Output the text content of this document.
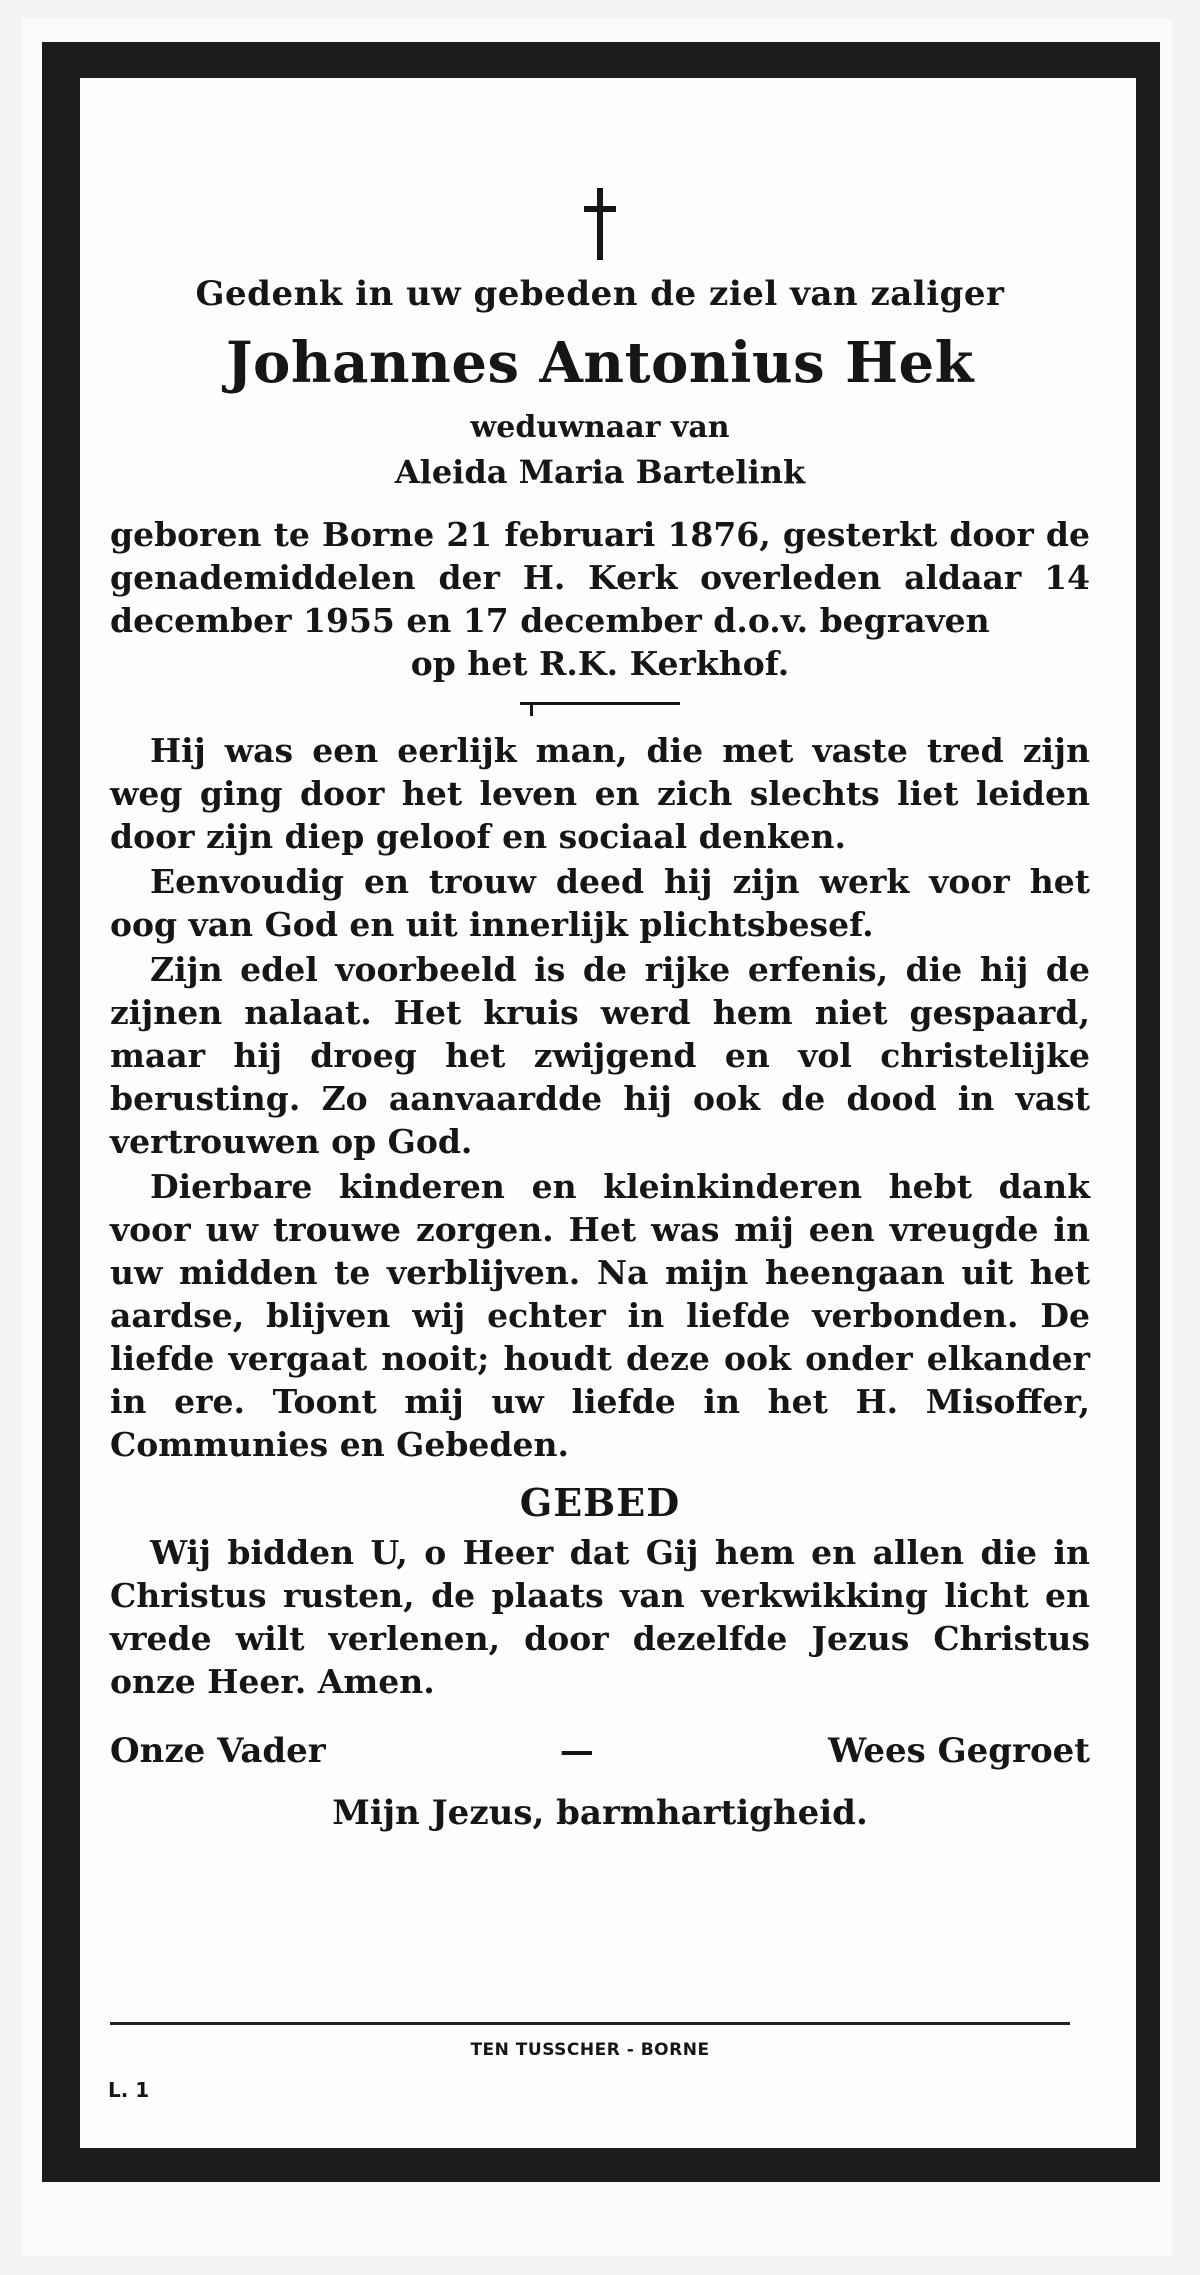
Gedenk in uw gebeden de ziel van zaliger
Johannes Antonius Hek
weduwnaar van
Aleida Maria Bartelink
geboren te Borne 21 februari 1876, gesterkt door de genademiddelen der H. Kerk overleden aldaar 14 december 1955 en 17 december d.o.v. begraven
op het R.K. Kerkhof.

Hij was een eerlijk man, die met vaste tred zijn weg ging door het leven en zich slechts liet leiden door zijn diep geloof en sociaal denken.

Eenvoudig en trouw deed hij zijn werk voor het oog van God en uit innerlijk plichtsbesef.

Zijn edel voorbeeld is de rijke erfenis, die hij de zijnen nalaat. Het kruis werd hem niet gespaard, maar hij droeg het zwijgend en vol christelijke berusting. Zo aanvaardde hij ook de dood in vast vertrouwen op God.

Dierbare kinderen en kleinkinderen hebt dank voor uw trouwe zorgen. Het was mij een vreugde in uw midden te verblijven. Na mijn heengaan uit het aardse, blijven wij echter in liefde verbonden. De liefde vergaat nooit; houdt deze ook onder elkander in ere. Toont mij uw liefde in het H. Misoffer, Communies en Gebeden.

GEBED

Wij bidden U, o Heer dat Gij hem en allen die in Christus rusten, de plaats van verkwikking licht en vrede wilt verlenen, door dezelfde Jezus Christus onze Heer. Amen.

Onze Vader	—	Wees Gegroet
Mijn Jezus, barmhartigheid.
TEN TUSSCHER - BORNE
L. 1
